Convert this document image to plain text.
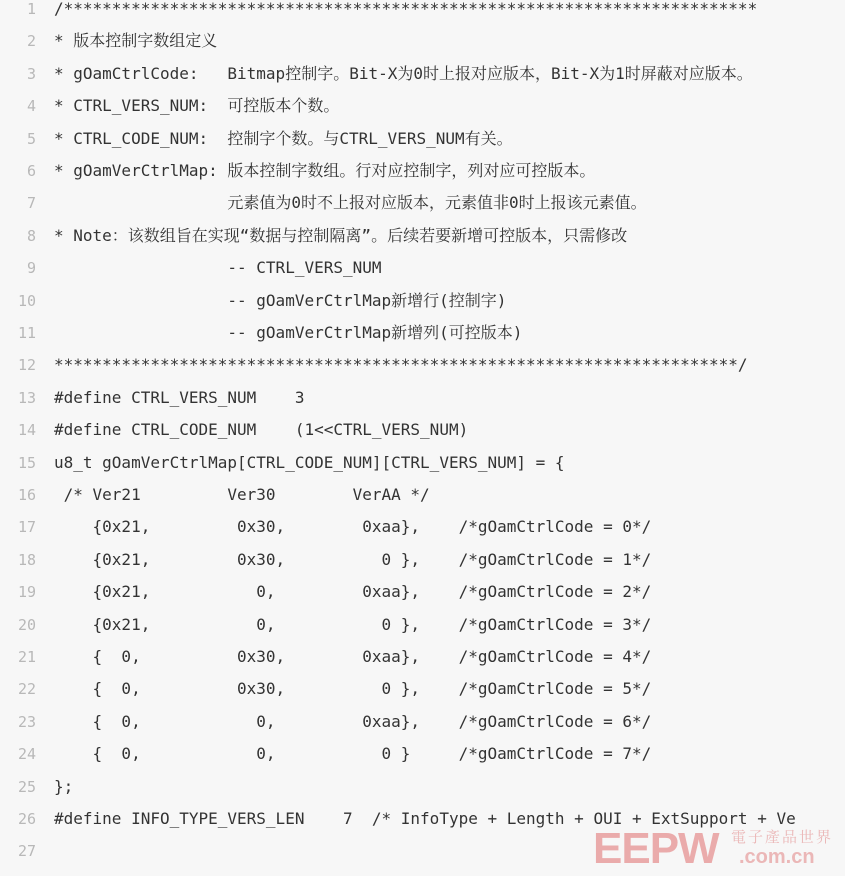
1 /************************************************************************
2 * 版本控制字数组定义
3 * gOamCtrlCode:   Bitmap控制字。Bit-X为0时上报对应版本，Bit-X为1时屏蔽对应版本。
4 * CTRL_VERS_NUM:  可控版本个数。
5 * CTRL_CODE_NUM:  控制字个数。与CTRL_VERS_NUM有关。
6 * gOamVerCtrlMap: 版本控制字数组。行对应控制字，列对应可控版本。
7 元素值为0时不上报对应版本，元素值非0时上报该元素值。
8 * Note：该数组旨在实现“数据与控制隔离”。后续若要新增可控版本，只需修改
9 -- CTRL_VERS_NUM
10 -- gOamVerCtrlMap新增行(控制字)
11 -- gOamVerCtrlMap新增列(可控版本)
12 ***********************************************************************/
13 #define CTRL_VERS_NUM    3
14 #define CTRL_CODE_NUM    (1<<CTRL_VERS_NUM)
15 u8_t gOamVerCtrlMap[CTRL_CODE_NUM][CTRL_VERS_NUM] = {
16 /* Ver21         Ver30        VerAA */
17 {0x21,         0x30,        0xaa},    /*gOamCtrlCode = 0*/
18 {0x21,         0x30,          0 },    /*gOamCtrlCode = 1*/
19 {0x21,           0,         0xaa},    /*gOamCtrlCode = 2*/
20 {0x21,           0,           0 },    /*gOamCtrlCode = 3*/
21 {  0,          0x30,        0xaa},    /*gOamCtrlCode = 4*/
22 {  0,          0x30,          0 },    /*gOamCtrlCode = 5*/
23 {  0,            0,         0xaa},    /*gOamCtrlCode = 6*/
24 {  0,            0,           0 }     /*gOamCtrlCode = 7*/
25 };
26 #define INFO_TYPE_VERS_LEN    7  /* InfoType + Length + OUI + ExtSupport + Ve
27	EEPW 電子產品世界
.com.cn
